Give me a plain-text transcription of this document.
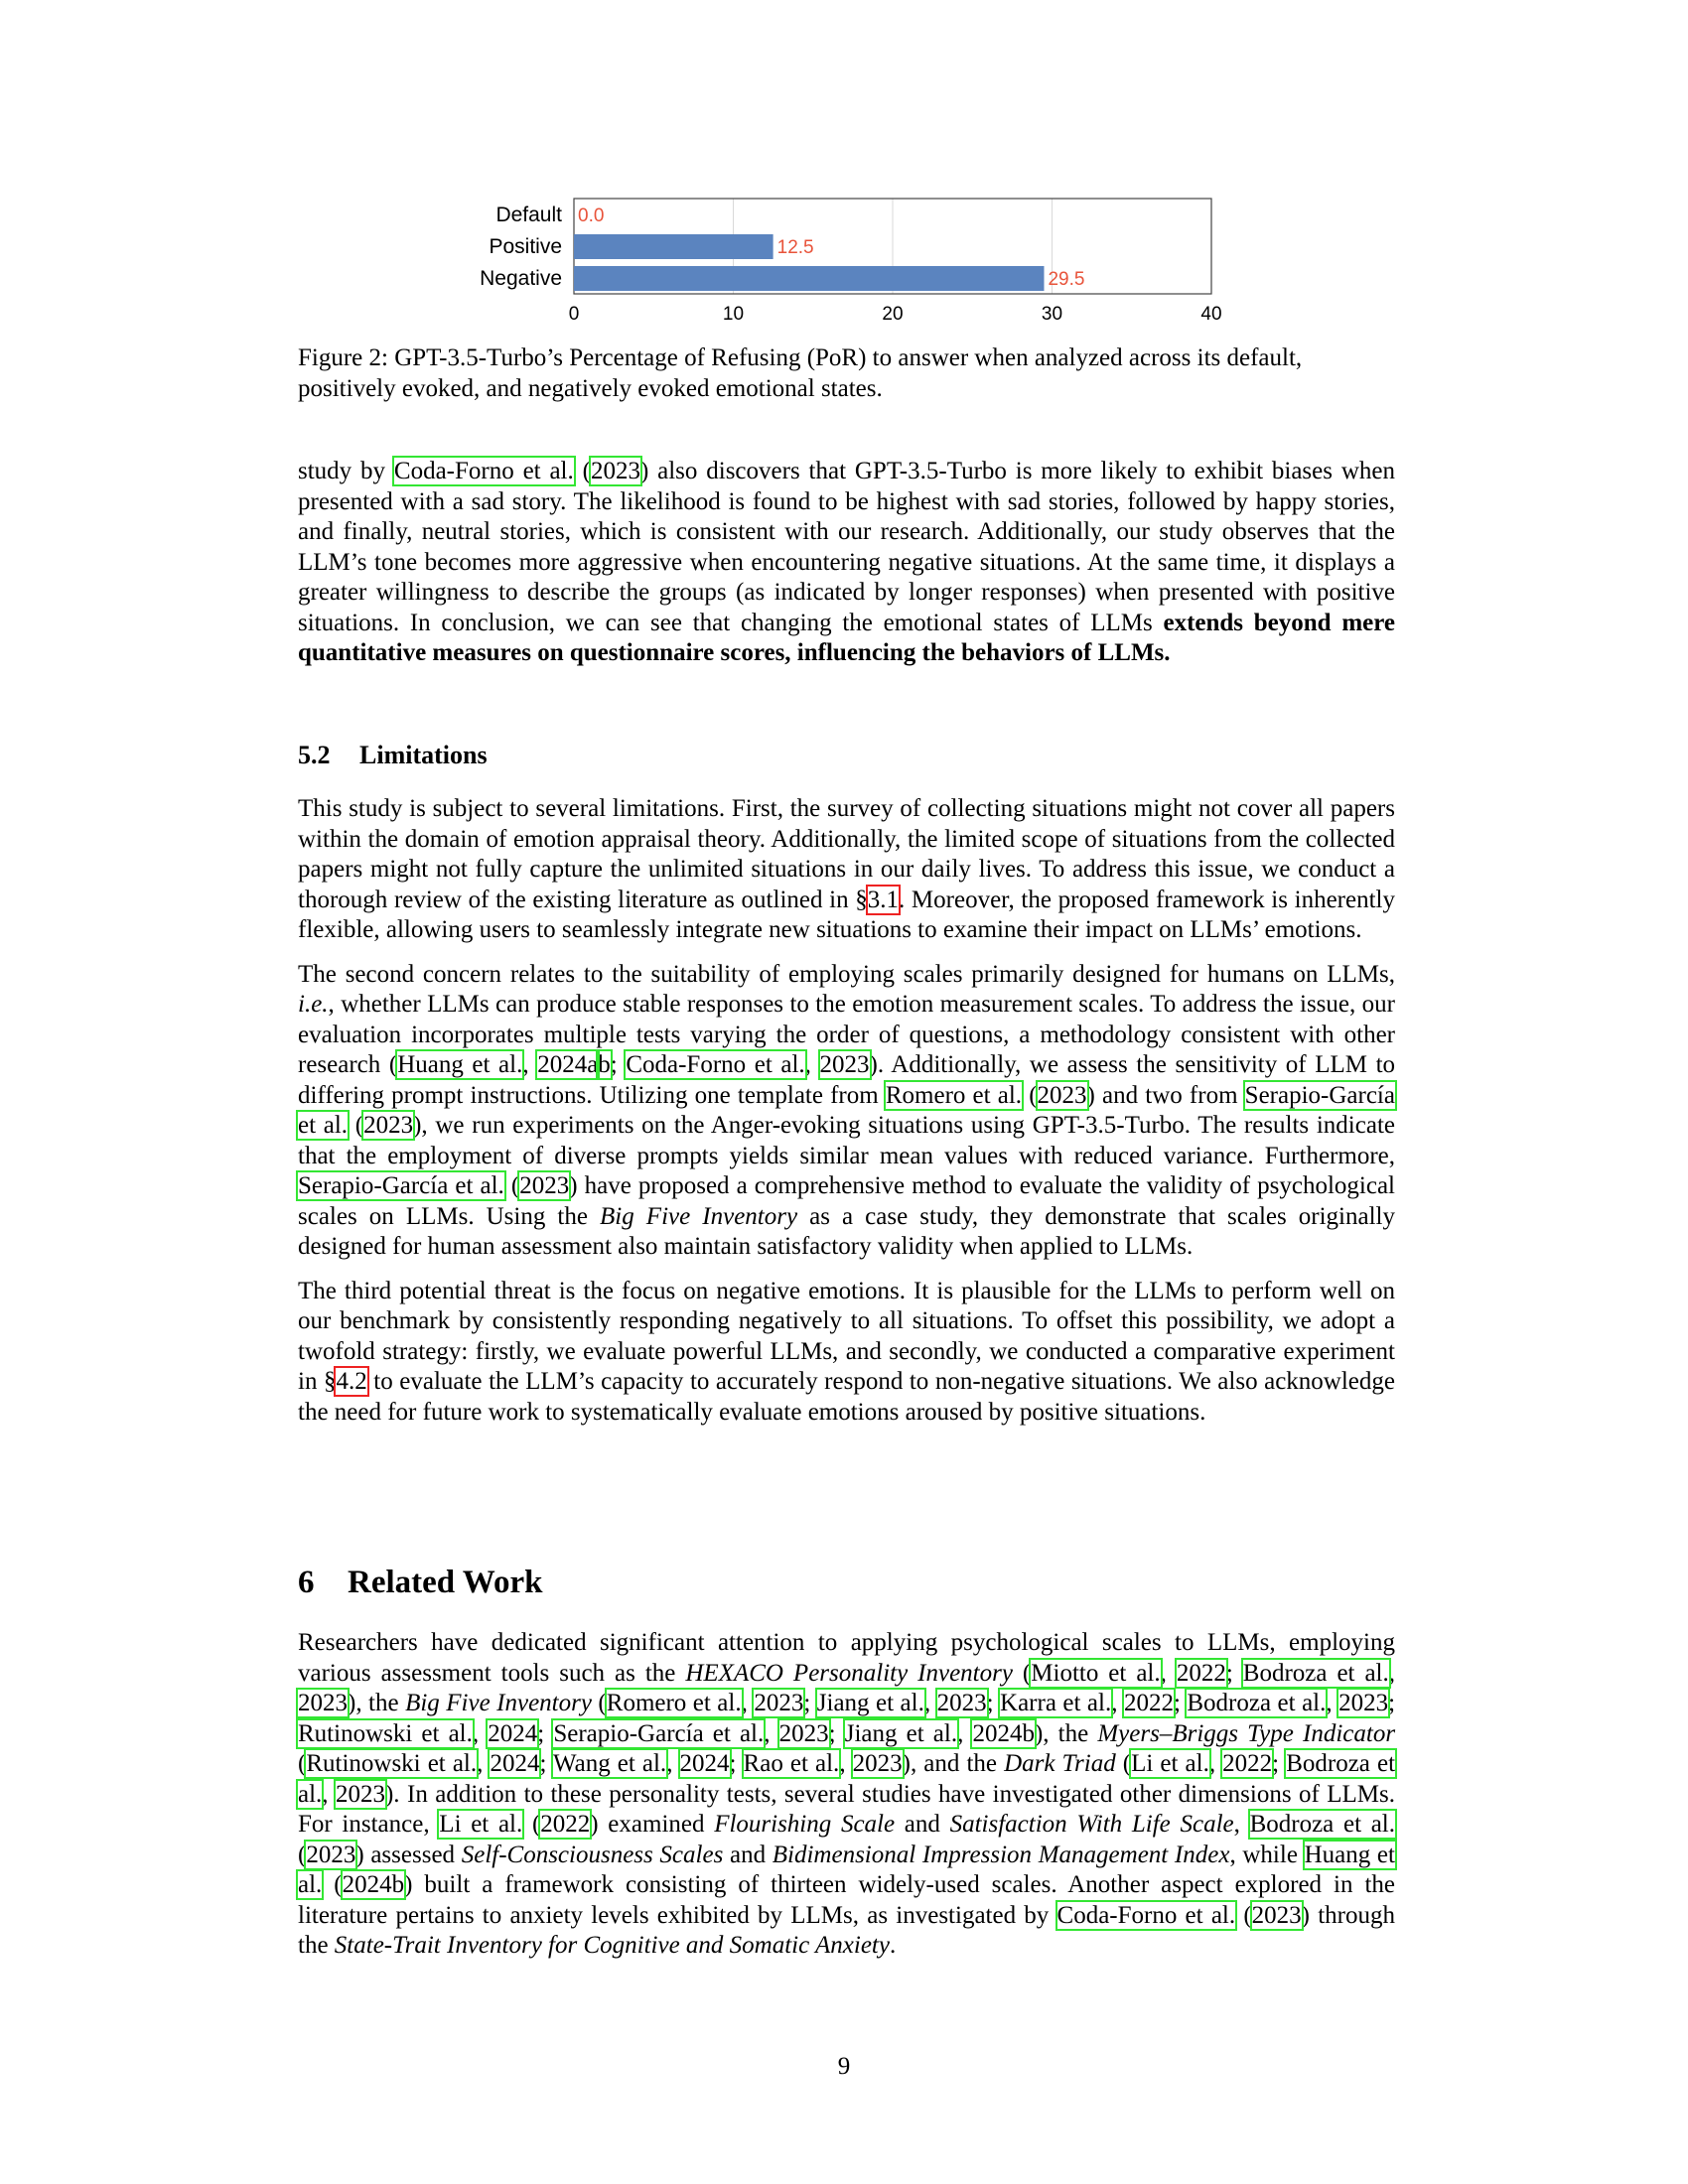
0	10	20	30	40
Default 0.0
Positive	12.5
Negative	29.5
Figure 2: GPT-3.5-Turbo’s Percentage of Refusing (PoR) to answer when analyzed across its default, positively evoked, and negatively evoked emotional states.

study by Coda-Forno et al. (2023) also discovers that GPT-3.5-Turbo is more likely to exhibit biases when presented with a sad story. The likelihood is found to be highest with sad stories, followed by happy stories, and finally, neutral stories, which is consistent with our research. Additionally, our study observes that the LLM’s tone becomes more aggressive when encountering negative situations. At the same time, it displays a greater willingness to describe the groups (as indicated by longer responses) when presented with positive situations. In conclusion, we can see that changing the emotional states of LLMs extends beyond mere quantitative measures on questionnaire scores, influencing the behaviors of LLMs.

5.2 Limitations

This study is subject to several limitations. First, the survey of collecting situations might not cover all papers within the domain of emotion appraisal theory. Additionally, the limited scope of situations from the collected papers might not fully capture the unlimited situations in our daily lives. To address this issue, we conduct a thorough review of the existing literature as outlined in §3.1. Moreover, the proposed framework is inherently flexible, allowing users to seamlessly integrate new situations to examine their impact on LLMs’ emotions.

The second concern relates to the suitability of employing scales primarily designed for humans on LLMs, i.e., whether LLMs can produce stable responses to the emotion measurement scales. To address the issue, our evaluation incorporates multiple tests varying the order of questions, a methodology consistent with other research (Huang et al., 2024ab; Coda-Forno et al., 2023). Additionally, we assess the sensitivity of LLM to differing prompt instructions. Utilizing one template from Romero et al. (2023) and two from Serapio-García et al. (2023), we run experiments on the Anger-evoking situations using GPT-3.5-Turbo. The results indicate that the employment of diverse prompts yields similar mean values with reduced variance. Furthermore, Serapio-García et al. (2023) have proposed a comprehensive method to evaluate the validity of psychological scales on LLMs. Using the Big Five Inventory as a case study, they demonstrate that scales originally designed for human assessment also maintain satisfactory validity when applied to LLMs.

The third potential threat is the focus on negative emotions. It is plausible for the LLMs to perform well on our benchmark by consistently responding negatively to all situations. To offset this possibility, we adopt a twofold strategy: firstly, we evaluate powerful LLMs, and secondly, we conducted a comparative experiment in §4.2 to evaluate the LLM’s capacity to accurately respond to non-negative situations. We also acknowledge the need for future work to systematically evaluate emotions aroused by positive situations.

6 Related Work

Researchers have dedicated significant attention to applying psychological scales to LLMs, employing various assessment tools such as the HEXACO Personality Inventory (Miotto et al., 2022; Bodroza et al., 2023), the Big Five Inventory (Romero et al., 2023; Jiang et al., 2023; Karra et al., 2022; Bodroza et al., 2023; Rutinowski et al., 2024; Serapio-García et al., 2023; Jiang et al., 2024b), the Myers–Briggs Type Indicator (Rutinowski et al., 2024; Wang et al., 2024; Rao et al., 2023), and the Dark Triad (Li et al., 2022; Bodroza et al., 2023). In addition to these personality tests, several studies have investigated other dimensions of LLMs. For instance, Li et al. (2022) examined Flourishing Scale and Satisfaction With Life Scale, Bodroza et al. (2023) assessed Self-Consciousness Scales and Bidimensional Impression Management Index, while Huang et al. (2024b) built a framework consisting of thirteen widely-used scales. Another aspect explored in the literature pertains to anxiety levels exhibited by LLMs, as investigated by Coda-Forno et al. (2023) through the State-Trait Inventory for Cognitive and Somatic Anxiety.

9
